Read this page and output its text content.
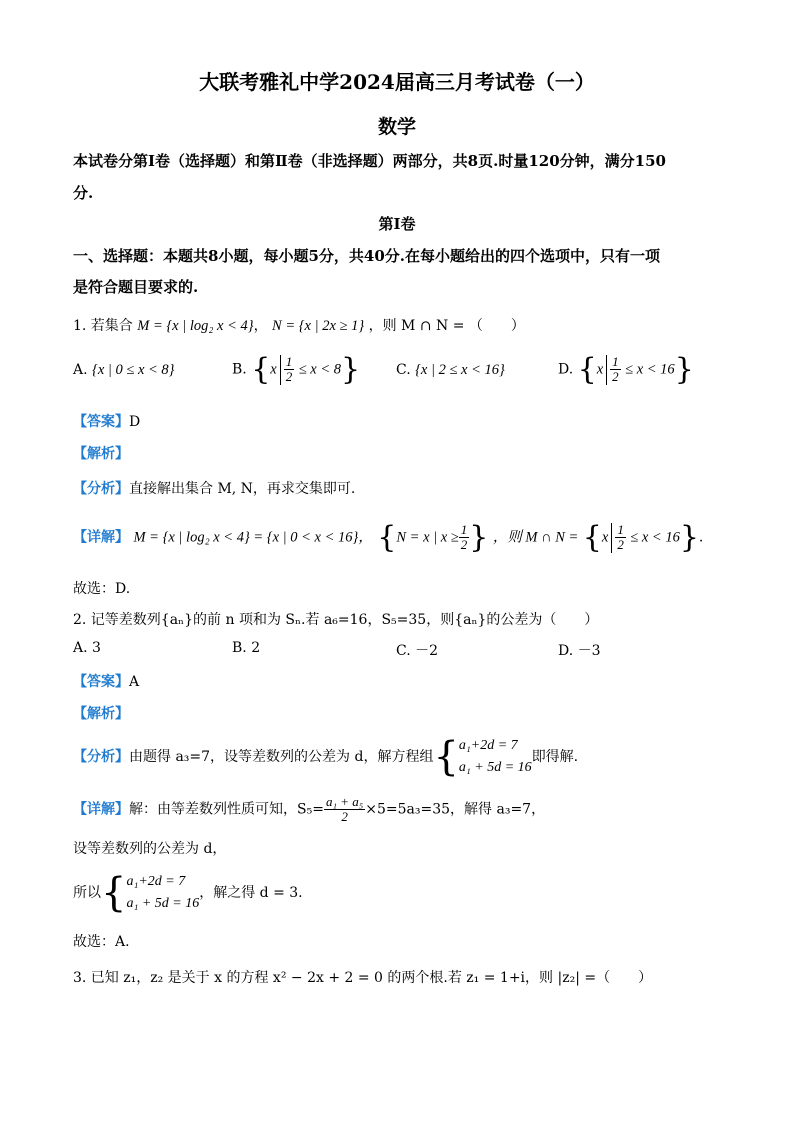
大联考雅礼中学2024届高三月考试卷（一）
数学
本试卷分第Ⅰ卷（选择题）和第Ⅱ卷（非选择题）两部分，共8页.时量120分钟，满分150
分.
第Ⅰ卷
一、选择题：本题共8小题，每小题5分，共40分.在每小题给出的四个选项中，只有一项
是符合题目要求的.
1. 若集合 M = {x | log₂ x < 4}， N = {x | 2x ≥ 1} ，则 M ∩ N = （　　）
A. {x | 0 ≤ x < 8}	B. $\{x \frac{1}{2} \le x < 8\}$	C. {x | 2 ≤ x < 16}	D. $\{x \frac{1}{2} \le x < 16\}$
【答案】D
【解析】
【分析】直接解出集合 M, N，再求交集即可.
【详解】 M = {x | log₂ x < 4} = {x | 0 < x < 16}， {N = x | $x \ge \frac{1}{2}$ } ，则 M ∩ $N = \{x \frac{1}{2} \le x < 16\}$.
故选：D.
2. 记等差数列{aₙ}的前 n 项和为 Sₙ.若 a₆=16，S₅=35，则{aₙ}的公差为（　　）
A. 3	B. 2	C. －2	D. －3
【答案】A
【解析】
【分析】由题得 a₃=7，设等差数列的公差为 d，解方程组{ a₁+2d = 7
a₁ + 5d = 16
即得解.
【详解】解：由等差数列性质可知，$S_5= \frac{\text{a₁ + a₅}}{2} \times 5=5a_3=35$，解得 a₃=7，
设等差数列的公差为 d，
所以{ a₁+2d = 7
a₁ + 5d = 16
，解之得 d = 3.
故选：A.
3. 已知 z₁，z₂ 是关于 x 的方程 x² − 2x + 2 = 0 的两个根.若 z₁ = 1+i，则 |z₂| =（　　）
